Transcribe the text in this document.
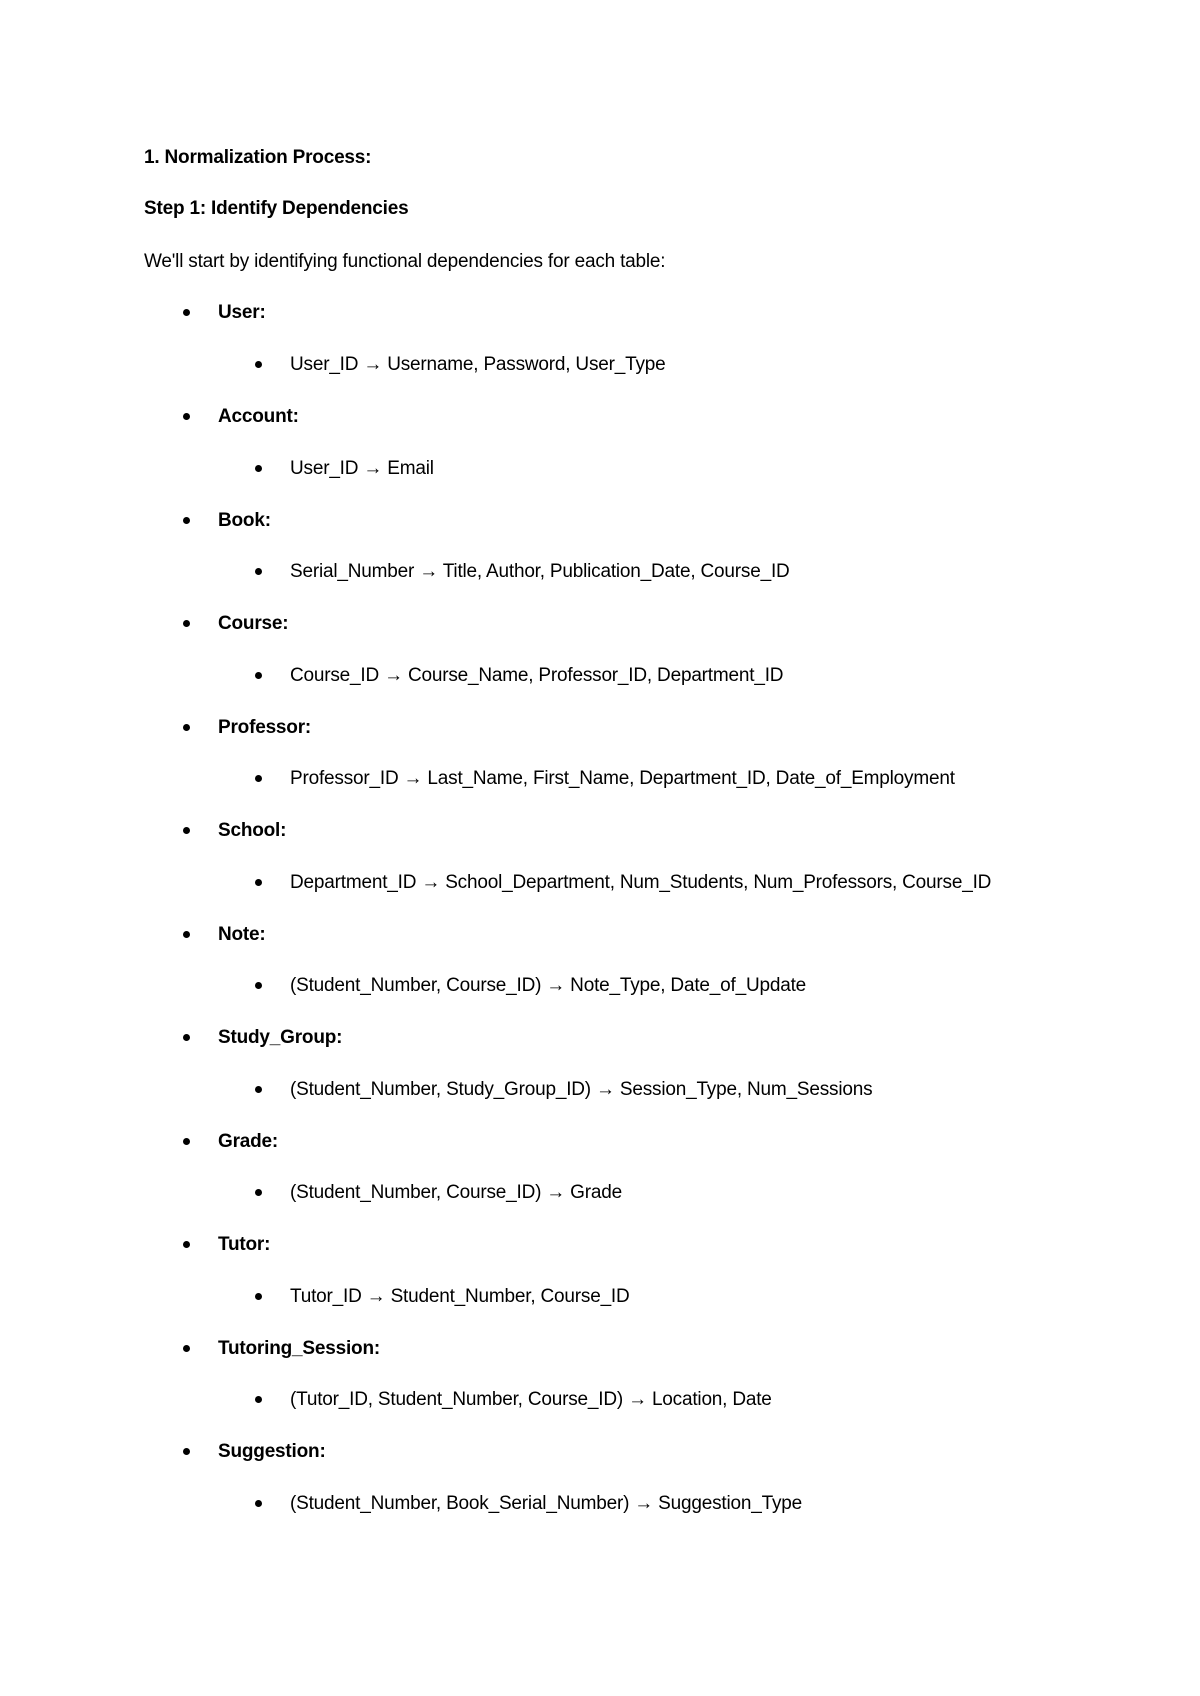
1. Normalization Process:

Step 1: Identify Dependencies

We'll start by identifying functional dependencies for each table:

User:

User_ID → Username, Password, User_Type

Account:

User_ID → Email

Book:

Serial_Number → Title, Author, Publication_Date, Course_ID

Course:

Course_ID → Course_Name, Professor_ID, Department_ID

Professor:

Professor_ID → Last_Name, First_Name, Department_ID, Date_of_Employment

School:

Department_ID → School_Department, Num_Students, Num_Professors, Course_ID

Note:

(Student_Number, Course_ID) → Note_Type, Date_of_Update

Study_Group:

(Student_Number, Study_Group_ID) → Session_Type, Num_Sessions

Grade:

(Student_Number, Course_ID) → Grade

Tutor:

Tutor_ID → Student_Number, Course_ID

Tutoring_Session:

(Tutor_ID, Student_Number, Course_ID) → Location, Date

Suggestion:

(Student_Number, Book_Serial_Number) → Suggestion_Type
